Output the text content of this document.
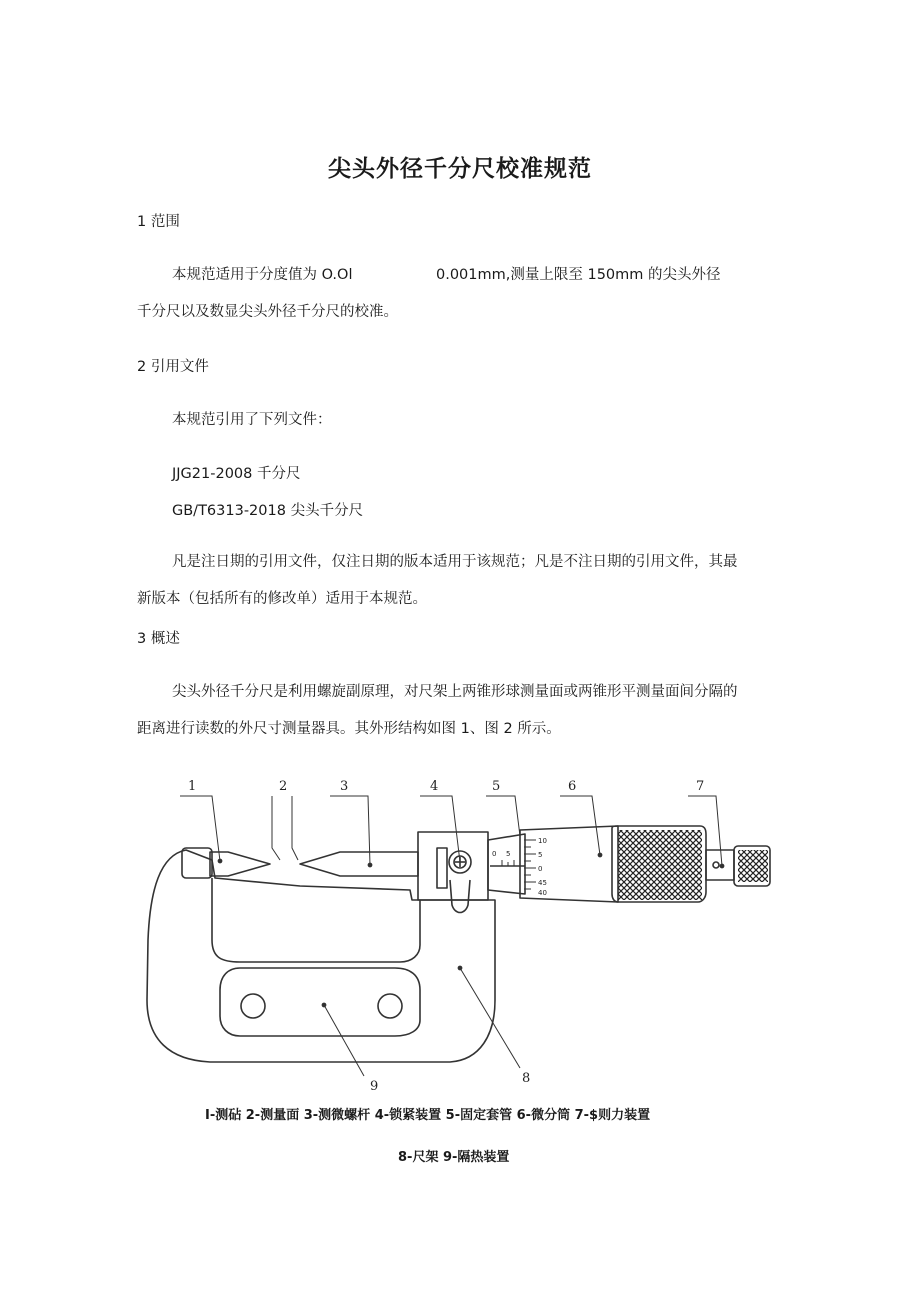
尖头外径千分尺校准规范

1 范围

本规范适用于分度值为 O.Ol	0.001mm,测量上限至 150mm 的尖头外径

千分尺以及数显尖头外径千分尺的校准。

2 引用文件

本规范引用了下列文件：

JJG21-2008 千分尺

GB/T6313-2018 尖头千分尺

凡是注日期的引用文件，仅注日期的版本适用于该规范；凡是不注日期的引用文件，其最

新版本（包括所有的修改单）适用于本规范。

3 概述

尖头外径千分尺是利用螺旋副原理，对尺架上两锥形球测量面或两锥形平测量面间分隔的

距离进行读数的外尺寸测量器具。其外形结构如图 1、图 2 所示。

1	2	3	4	5	6	7
8
9
10
5
0
45
40
0 5

I-测砧 2-测量面 3-测微螺杆 4-锁紧装置 5-固定套管 6-微分筒 7-$则力装置

8-尺架 9-隔热装置
